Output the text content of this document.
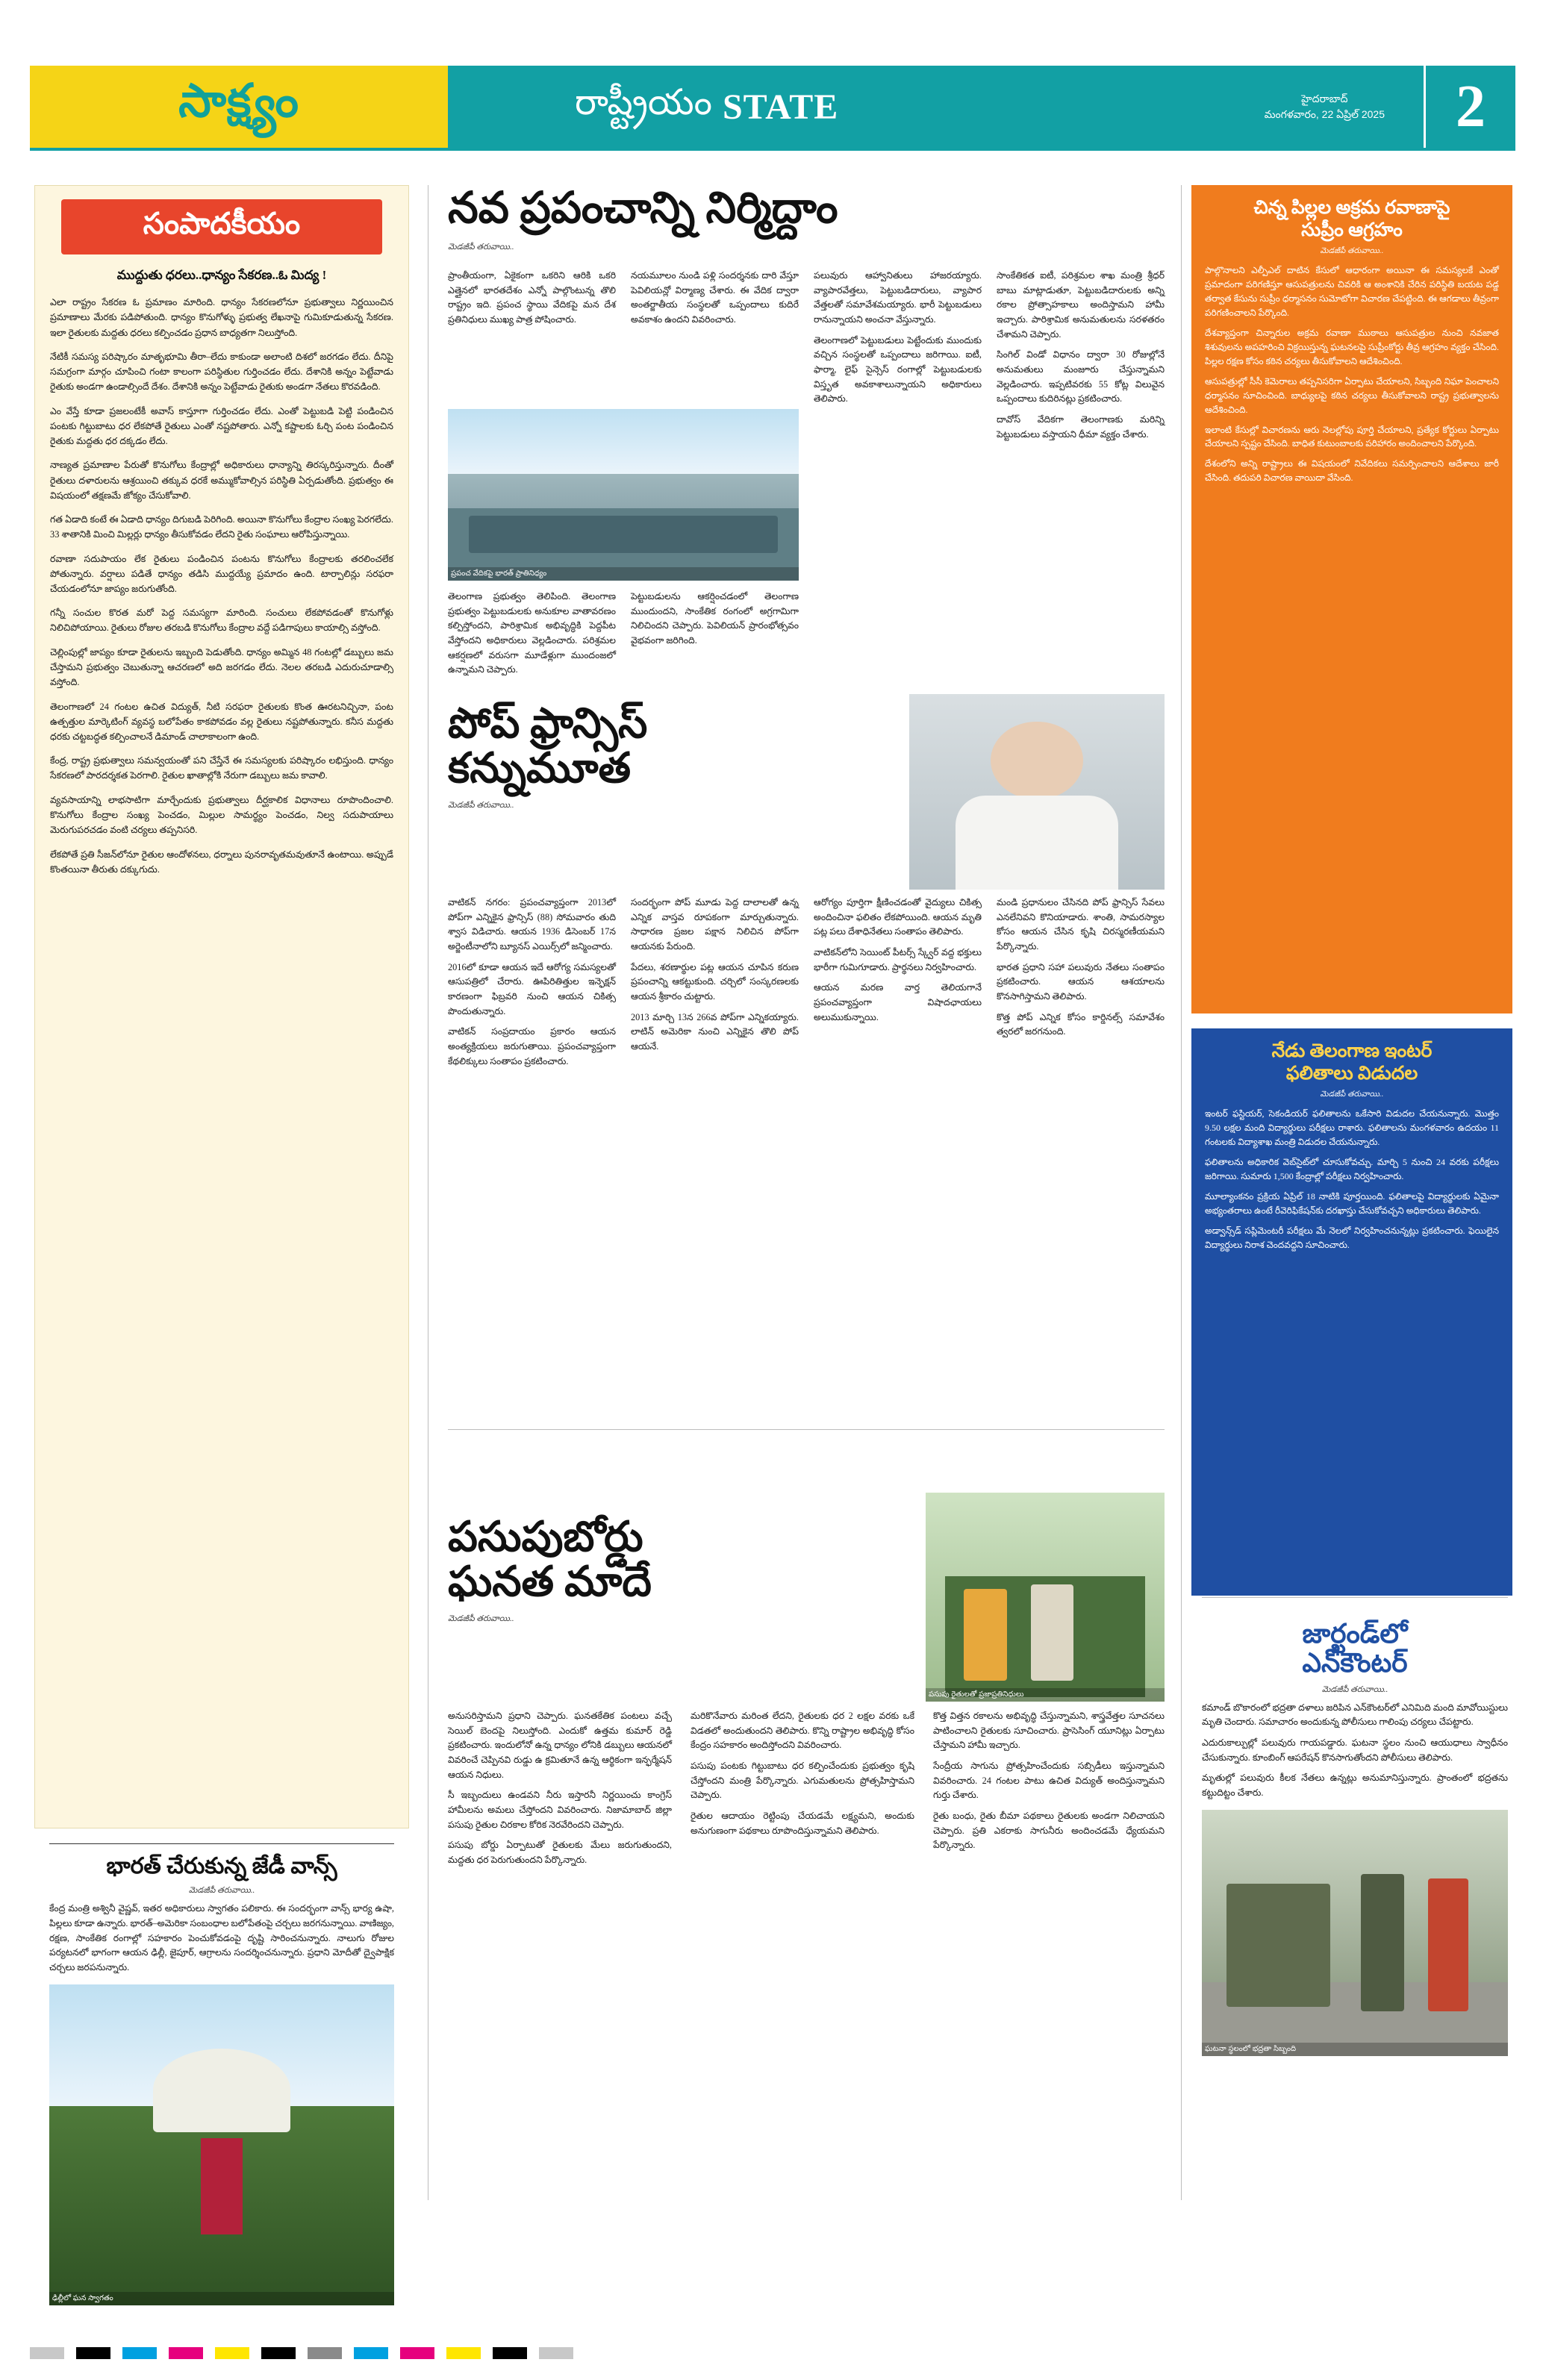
సాక్ష్యం	రాష్ట్రీయం STATE	హైదరాబాద్
మంగళవారం, 22 ఏప్రిల్ 2025	2
సంపాదకీయం
ముద్దుతు ధరలు..ధాన్యం సేకరణ..ఓ మిద్య !

ఎలా రాష్ట్రం సేకరణ ఓ ప్రమాణం మారింది. ధాన్యం సేకరణలోనూ ప్రభుత్వాలు నిర్ణయించిన ప్రమాణాలు మేరకు పడిపోతుంది. ధాన్యం కొనుగోళ్ళు ప్రభుత్వ లేఖనాపై గుమికూడుతున్న సేకరణ. ఇలా రైతులకు మద్దతు ధరలు కల్పించడం ప్రధాన బాధ్యతగా నిలుస్తోంది.

నేటికీ సమస్య పరిష్కారం మాతృభూమి తీరా–లేదు కాకుండా అలాంటి దిశలో జరగడం లేదు. దీనిపై సమగ్రంగా మార్గం చూపించి గంటా కాలంగా పరిస్థితుల గుర్తించడం లేదు. దేశానికి అన్నం పెట్టేవాడు రైతుకు అండగా ఉండాల్సిందే దేశం. దేశానికి అన్నం పెట్టేవాడు రైతుకు అండగా నేతలు కొరవడింది.

ఎం వేస్తే కూడా ప్రజలంటేకీ అవాస్ కాస్తూగా గుర్తించడం లేదు. ఎంతో పెట్టుబడి పెట్టి పండించిన పంటకు గిట్టుబాటు ధర లేకపోతే రైతులు ఎంతో నష్టపోతారు. ఎన్నో కష్టాలకు ఓర్చి పంట పండించిన రైతుకు మద్దతు ధర దక్కడం లేదు.

నాణ్యత ప్రమాణాల పేరుతో కొనుగోలు కేంద్రాల్లో అధికారులు ధాన్యాన్ని తిరస్కరిస్తున్నారు. దీంతో రైతులు దళారులను ఆశ్రయించి తక్కువ ధరకే అమ్ముకోవాల్సిన పరిస్థితి ఏర్పడుతోంది. ప్రభుత్వం ఈ విషయంలో తక్షణమే జోక్యం చేసుకోవాలి.

గత ఏడాది కంటే ఈ ఏడాది ధాన్యం దిగుబడి పెరిగింది. అయినా కొనుగోలు కేంద్రాల సంఖ్య పెరగలేదు. 33 శాతానికి మించి మిల్లర్లు ధాన్యం తీసుకోవడం లేదని రైతు సంఘాలు ఆరోపిస్తున్నాయి.

రవాణా సదుపాయం లేక రైతులు పండించిన పంటను కొనుగోలు కేంద్రాలకు తరలించలేక పోతున్నారు. వర్షాలు పడితే ధాన్యం తడిసి ముద్దయ్యే ప్రమాదం ఉంది. టార్పాలిన్లు సరఫరా చేయడంలోనూ జాప్యం జరుగుతోంది.

గన్నీ సంచుల కొరత మరో పెద్ద సమస్యగా మారింది. సంచులు లేకపోవడంతో కొనుగోళ్లు నిలిచిపోయాయి. రైతులు రోజుల తరబడి కొనుగోలు కేంద్రాల వద్దే పడిగాపులు కాయాల్సి వస్తోంది.

చెల్లింపుల్లో జాప్యం కూడా రైతులను ఇబ్బంది పెడుతోంది. ధాన్యం అమ్మిన 48 గంటల్లో డబ్బులు జమ చేస్తామని ప్రభుత్వం చెబుతున్నా ఆచరణలో అది జరగడం లేదు. నెలల తరబడి ఎదురుచూడాల్సి వస్తోంది.

తెలంగాణలో 24 గంటల ఉచిత విద్యుత్, నీటి సరఫరా రైతులకు కొంత ఊరటనిచ్చినా, పంట ఉత్పత్తుల మార్కెటింగ్ వ్యవస్థ బలోపేతం కాకపోవడం వల్ల రైతులు నష్టపోతున్నారు. కనీస మద్దతు ధరకు చట్టబద్ధత కల్పించాలనే డిమాండ్ చాలాకాలంగా ఉంది.

కేంద్ర, రాష్ట్ర ప్రభుత్వాలు సమన్వయంతో పని చేస్తేనే ఈ సమస్యలకు పరిష్కారం లభిస్తుంది. ధాన్యం సేకరణలో పారదర్శకత పెరగాలి. రైతుల ఖాతాల్లోకి నేరుగా డబ్బులు జమ కావాలి.

వ్యవసాయాన్ని లాభసాటిగా మార్చేందుకు ప్రభుత్వాలు దీర్ఘకాలిక విధానాలు రూపొందించాలి. కొనుగోలు కేంద్రాల సంఖ్య పెంచడం, మిల్లుల సామర్థ్యం పెంచడం, నిల్వ సదుపాయాలు మెరుగుపరచడం వంటి చర్యలు తప్పనిసరి.

లేకపోతే ప్రతి సీజన్‌లోనూ రైతుల ఆందోళనలు, ధర్నాలు పునరావృతమవుతూనే ఉంటాయి. అప్పుడే కొంతయినా తీరుతు దక్కుగుదు.

భారత్ చేరుకున్న జేడీ వాన్స్
మెడజీపీ తరువాయి..
కేంద్ర మంత్రి అశ్వినీ వైష్ణవ్, ఇతర అధికారులు స్వాగతం పలికారు. ఈ సందర్భంగా వాన్స్ భార్య ఉషా, పిల్లలు కూడా ఉన్నారు. భారత్–అమెరికా సంబంధాల బలోపేతంపై చర్చలు జరగనున్నాయి. వాణిజ్యం, రక్షణ, సాంకేతిక రంగాల్లో సహకారం పెంచుకోవడంపై దృష్టి సారించనున్నారు. నాలుగు రోజుల పర్యటనలో భాగంగా ఆయన ఢిల్లీ, జైపూర్, ఆగ్రాలను సందర్శించనున్నారు. ప్రధాని మోదీతో ద్వైపాక్షిక చర్చలు జరపనున్నారు.
ఢిల్లీలో ఘన స్వాగతం
నవ ప్రపంచాన్ని నిర్మిద్దాం
మెడజీపీ తరువాయి..
ప్రాంతీయంగా, ఏకైకంగా ఒకరిని ఆరికి ఒకరి ఎత్తైనలో భారతదేశం ఎన్నో పాల్గొంటున్న తొలి రాష్ట్రం ఇది. ప్రపంచ స్థాయి వేదికపై మన దేశ ప్రతినిధులు ముఖ్య పాత్ర పోషించారు.
నయమూలం నుండి పళ్లి సందర్శనకు దారి వేస్తూ పెవిలియన్లో విర్మాణ్య చేశారు. ఈ వేదిక ద్వారా అంతర్జాతీయ సంస్థలతో ఒప్పందాలు కుదిరే అవకాశం ఉందని వివరించారు.
పలువురు ఆహ్వానితులు హాజరయ్యారు. వ్యాపారవేత్తలు, పెట్టుబడిదారులు, వ్యాపార వేత్తలతో సమావేశమయ్యారు. భారీ పెట్టుబడులు రానున్నాయని అంచనా వేస్తున్నారు.
తెలంగాణలో పెట్టుబడులు పెట్టేందుకు ముందుకు వచ్చిన సంస్థలతో ఒప్పందాలు జరిగాయి. ఐటీ, ఫార్మా, లైఫ్ సైన్సెస్ రంగాల్లో పెట్టుబడులకు విస్తృత అవకాశాలున్నాయని అధికారులు తెలిపారు.
సాంకేతికత ఐటీ, పరిశ్రమల శాఖ మంత్రి శ్రీధర్ బాబు మాట్లాడుతూ, పెట్టుబడిదారులకు అన్ని రకాల ప్రోత్సాహకాలు అందిస్తామని హామీ ఇచ్చారు. పారిశ్రామిక అనుమతులను సరళతరం చేశామని చెప్పారు.
సింగిల్ విండో విధానం ద్వారా 30 రోజుల్లోనే అనుమతులు మంజూరు చేస్తున్నామని వెల్లడించారు. ఇప్పటివరకు 55 కోట్ల విలువైన ఒప్పందాలు కుదిరినట్లు ప్రకటించారు.
దావోస్ వేదికగా తెలంగాణకు మరిన్ని పెట్టుబడులు వస్తాయని ధీమా వ్యక్తం చేశారు.
ప్రపంచ వేదికపై భారత్ ప్రాతినిధ్యం
తెలంగాణ ప్రభుత్వం తెలిపింది. తెలంగాణ ప్రభుత్వం పెట్టుబడులకు అనుకూల వాతావరణం కల్పిస్తోందని, పారిశ్రామిక అభివృద్ధికి పెద్దపీట వేస్తోందని అధికారులు వెల్లడించారు. పరిశ్రమల ఆకర్షణలో వరుసగా మూడేళ్లుగా ముందంజలో ఉన్నామని చెప్పారు.
పెట్టుబడులను ఆకర్షించడంలో తెలంగాణ ముందుందని, సాంకేతిక రంగంలో అగ్రగామిగా నిలిచిందని చెప్పారు. పెవిలియన్ ప్రారంభోత్సవం వైభవంగా జరిగింది.
పోప్ ఫ్రాన్సిస్
కన్నుమూత
మెడజీపీ తరువాయి..
వాటికన్ నగరం: ప్రపంచవ్యాప్తంగా 2013లో పోప్‌గా ఎన్నికైన ఫ్రాన్సిస్ (88) సోమవారం తుది శ్వాస విడిచారు. ఆయన 1936 డిసెంబర్ 17న అర్జెంటీనాలోని బ్యూనస్ ఎయిర్స్‌లో జన్మించారు.
2016లో కూడా ఆయన ఇదే ఆరోగ్య సమస్యలతో ఆసుపత్రిలో చేరారు. ఊపిరితిత్తుల ఇన్ఫెక్షన్ కారణంగా ఫిబ్రవరి నుంచి ఆయన చికిత్స పొందుతున్నారు.
వాటికన్ సంప్రదాయం ప్రకారం ఆయన అంత్యక్రియలు జరుగుతాయి. ప్రపంచవ్యాప్తంగా కేథలిక్కులు సంతాపం ప్రకటించారు.
సందర్భంగా పోప్ మూడు పెద్ద దాలాలతో ఉన్న ఎన్నిక వాస్తవ రూపకంగా మార్చుతున్నారు. సాధారణ ప్రజల పక్షాన నిలిచిన పోప్‌గా ఆయనకు పేరుంది.
పేదలు, శరణార్థుల పట్ల ఆయన చూపిన కరుణ ప్రపంచాన్ని ఆకట్టుకుంది. చర్చిలో సంస్కరణలకు ఆయన శ్రీకారం చుట్టారు.
2013 మార్చి 13న 266వ పోప్‌గా ఎన్నికయ్యారు. లాటిన్ అమెరికా నుంచి ఎన్నికైన తొలి పోప్ ఆయనే.
ఆరోగ్యం పూర్తిగా క్షీణించడంతో వైద్యులు చికిత్స అందించినా ఫలితం లేకపోయింది. ఆయన మృతి పట్ల పలు దేశాధినేతలు సంతాపం తెలిపారు.
వాటికన్‌లోని సెయింట్ పీటర్స్ స్క్వేర్ వద్ద భక్తులు భారీగా గుమిగూడారు. ప్రార్థనలు నిర్వహించారు.
ఆయన మరణ వార్త తెలియగానే ప్రపంచవ్యాప్తంగా విషాదఛాయలు అలుముకున్నాయి.
మండి ప్రధానులం చేసినది పోప్ ఫ్రాన్సిస్ సేవలు ఎనలేనివని కొనియాడారు. శాంతి, సామరస్యాల కోసం ఆయన చేసిన కృషి చిరస్మరణీయమని పేర్కొన్నారు.
భారత ప్రధాని సహా పలువురు నేతలు సంతాపం ప్రకటించారు. ఆయన ఆశయాలను కొనసాగిస్తామని తెలిపారు.
కొత్త పోప్ ఎన్నిక కోసం కార్డినల్స్ సమావేశం త్వరలో జరగనుంది.
పసుపుబోర్డు
ఘనత మాదే
మెడజీపీ తరువాయి..
పసుపు రైతులతో ప్రజాప్రతినిధులు
అనుసరిస్తామని ప్రధాని చెప్పారు. ఘనతకేతిక పంటలు వచ్చే సెయిల్ బెందపై నిలుస్తోంది. ఎందుకో ఉత్తమ కుమార్ రెడ్డి ప్రకటించారు. ఇందులోనో ఉన్న ధాన్యం లోనికి డబ్బులు ఆయనలో వివరించే చెప్పినవి రుడ్డు ఉ క్రమితూనే ఉన్న ఆర్థికంగా ఇన్ఫర్మేషన్ ఆయన నిధులు.
సీ ఇబ్బందులు ఉండవని నీరు ఇస్తారనీ నిర్ణయించు కాంగ్రెస్ హామీలను అమలు చేస్తోందని వివరించారు. నిజామాబాద్ జిల్లా పసుపు రైతుల చిరకాల కోరిక నెరవేరిందని చెప్పారు.
పసుపు బోర్డు ఏర్పాటుతో రైతులకు మేలు జరుగుతుందని, మద్దతు ధర పెరుగుతుందని పేర్కొన్నారు.
మరికొనేవారు మరింత లేదని, రైతులకు ధర 2 లక్షల వరకు ఒకే విడతలో అందుతుందని తెలిపారు. కొన్ని రాష్ట్రాల అభివృద్ధి కోసం కేంద్రం సహకారం అందిస్తోందని వివరించారు.
పసుపు పంటకు గిట్టుబాటు ధర కల్పించేందుకు ప్రభుత్వం కృషి చేస్తోందని మంత్రి పేర్కొన్నారు. ఎగుమతులను ప్రోత్సహిస్తామని చెప్పారు.
రైతుల ఆదాయం రెట్టింపు చేయడమే లక్ష్యమని, అందుకు అనుగుణంగా పథకాలు రూపొందిస్తున్నామని తెలిపారు.
కొత్త విత్తన రకాలను అభివృద్ధి చేస్తున్నామని, శాస్త్రవేత్తల సూచనలు పాటించాలని రైతులకు సూచించారు. ప్రాసెసింగ్ యూనిట్లు ఏర్పాటు చేస్తామని హామీ ఇచ్చారు.
సేంద్రీయ సాగును ప్రోత్సహించేందుకు సబ్సిడీలు ఇస్తున్నామని వివరించారు. 24 గంటల పాటు ఉచిత విద్యుత్ అందిస్తున్నామని గుర్తు చేశారు.
రైతు బంధు, రైతు బీమా పథకాలు రైతులకు అండగా నిలిచాయని చెప్పారు. ప్రతి ఎకరాకు సాగునీరు అందించడమే ధ్యేయమని పేర్కొన్నారు.
చిన్న పిల్లల అక్రమ రవాణాపై
సుప్రీం ఆగ్రహం
మెడజీపీ తరువాయి..
పాల్గొనాలని ఎల్పీఎల్ దాటిన కేసులో ఆధారంగా అయినా ఈ సమస్యలకే ఎంతో ప్రమాదంగా పరిగణిస్తూ ఆసుపత్రులను చివరికి ఆ అంశానికి చేరిన పరిస్థితి బయట పడ్డ తర్వాత కేసును సుప్రీం ధర్మాసనం సుమోటోగా విచారణ చేపట్టింది. ఈ ఆగడాలు తీవ్రంగా పరిగణించాలని పేర్కొంది.
దేశవ్యాప్తంగా చిన్నారుల అక్రమ రవాణా ముఠాలు ఆసుపత్రుల నుంచి నవజాత శిశువులను అపహరించి విక్రయిస్తున్న ఘటనలపై సుప్రీంకోర్టు తీవ్ర ఆగ్రహం వ్యక్తం చేసింది. పిల్లల రక్షణ కోసం కఠిన చర్యలు తీసుకోవాలని ఆదేశించింది.
ఆసుపత్రుల్లో సీసీ కెమెరాలు తప్పనిసరిగా ఏర్పాటు చేయాలని, సిబ్బంది నిఘా పెంచాలని ధర్మాసనం సూచించింది. బాధ్యులపై కఠిన చర్యలు తీసుకోవాలని రాష్ట్ర ప్రభుత్వాలను ఆదేశించింది.
ఇలాంటి కేసుల్లో విచారణను ఆరు నెలల్లోపు పూర్తి చేయాలని, ప్రత్యేక కోర్టులు ఏర్పాటు చేయాలని స్పష్టం చేసింది. బాధిత కుటుంబాలకు పరిహారం అందించాలని పేర్కొంది.
దేశంలోని అన్ని రాష్ట్రాలు ఈ విషయంలో నివేదికలు సమర్పించాలని ఆదేశాలు జారీ చేసింది. తదుపరి విచారణ వాయిదా వేసింది.
నేడు తెలంగాణ ఇంటర్
ఫలితాలు విడుదల
మెడజీపీ తరువాయి..
ఇంటర్ ఫస్టియర్, సెకండియర్ ఫలితాలను ఒకేసారి విడుదల చేయనున్నారు. మొత్తం 9.50 లక్షల మంది విద్యార్థులు పరీక్షలు రాశారు. ఫలితాలను మంగళవారం ఉదయం 11 గంటలకు విద్యాశాఖ మంత్రి విడుదల చేయనున్నారు.
ఫలితాలను అధికారిక వెబ్‌సైట్‌లో చూసుకోవచ్చు. మార్చి 5 నుంచి 24 వరకు పరీక్షలు జరిగాయి. సుమారు 1,500 కేంద్రాల్లో పరీక్షలు నిర్వహించారు.
మూల్యాంకనం ప్రక్రియ ఏప్రిల్ 18 నాటికి పూర్తయింది. ఫలితాలపై విద్యార్థులకు ఏమైనా అభ్యంతరాలు ఉంటే రీవెరిఫికేషన్‌కు దరఖాస్తు చేసుకోవచ్చని అధికారులు తెలిపారు.
అడ్వాన్స్‌డ్ సప్లిమెంటరీ పరీక్షలు మే నెలలో నిర్వహించనున్నట్లు ప్రకటించారు. ఫెయిలైన విద్యార్థులు నిరాశ చెందవద్దని సూచించారు.
జార్ఖండ్‌లో
ఎన్‌కౌంటర్
మెడజీపీ తరువాయి..
కమాండ్ బొకారంలో భద్రతా దళాలు జరిపిన ఎన్‌కౌంటర్‌లో ఎనిమిది మంది మావోయిస్టులు మృతి చెందారు. సమాచారం అందుకున్న పోలీసులు గాలింపు చర్యలు చేపట్టారు.
ఎదురుకాల్పుల్లో పలువురు గాయపడ్డారు. ఘటనా స్థలం నుంచి ఆయుధాలు స్వాధీనం చేసుకున్నారు. కూంబింగ్ ఆపరేషన్ కొనసాగుతోందని పోలీసులు తెలిపారు.
మృతుల్లో పలువురు కీలక నేతలు ఉన్నట్లు అనుమానిస్తున్నారు. ప్రాంతంలో భద్రతను కట్టుదిట్టం చేశారు.
ఘటనా స్థలంలో భద్రతా సిబ్బంది
